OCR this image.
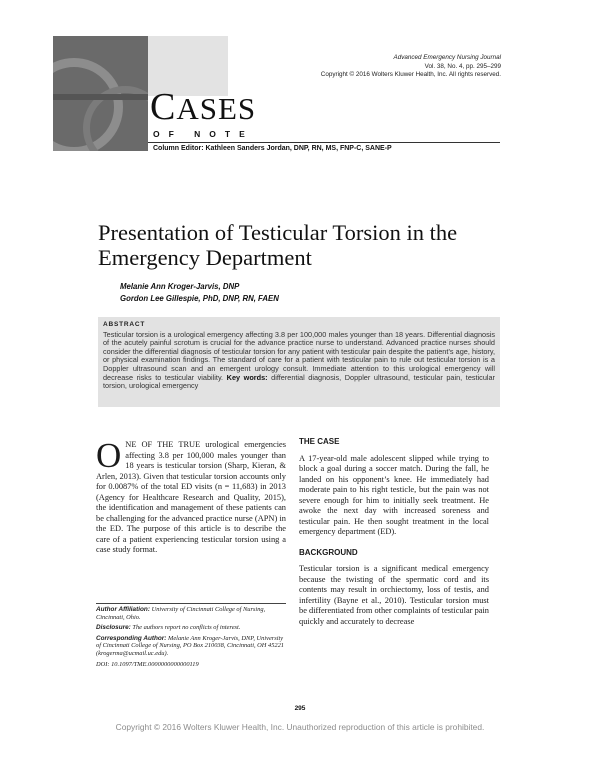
Advanced Emergency Nursing Journal
Vol. 38, No. 4, pp. 295–299
Copyright © 2016 Wolters Kluwer Health, Inc. All rights reserved.
CASES
OF NOTE
Column Editor: Kathleen Sanders Jordan, DNP, RN, MS, FNP-C, SANE-P
Presentation of Testicular Torsion in the Emergency Department
Melanie Ann Kroger-Jarvis, DNP
Gordon Lee Gillespie, PhD, DNP, RN, FAEN
ABSTRACT
Testicular torsion is a urological emergency affecting 3.8 per 100,000 males younger than 18 years. Differential diagnosis of the acutely painful scrotum is crucial for the advance practice nurse to understand. Advanced practice nurses should consider the differential diagnosis of testicular torsion for any patient with testicular pain despite the patient’s age, history, or physical examination findings. The standard of care for a patient with testicular pain to rule out testicular torsion is a Doppler ultrasound scan and an emergent urology consult. Immediate attention to this urological emergency will decrease risks to testicular viability. Key words: differential diagnosis, Doppler ultrasound, testicular pain, testicular torsion, urological emergency
ONE OF THE TRUE urological emergencies affecting 3.8 per 100,000 males younger than 18 years is testicular torsion (Sharp, Kieran, & Arlen, 2013). Given that testicular torsion accounts only for 0.0087% of the total ED visits (n = 11,683) in 2013 (Agency for Healthcare Research and Quality, 2015), the identification and management of these patients can be challenging for the advanced practice nurse (APN) in the ED. The purpose of this article is to describe the care of a patient experiencing testicular torsion using a case study format.

Author Affiliation: University of Cincinnati College of Nursing, Cincinnati, Ohio.

Disclosure: The authors report no conflicts of interest.

Corresponding Author: Melanie Ann Kroger-Jarvis, DNP, University of Cincinnati College of Nursing, PO Box 210038, Cincinnati, OH 45221 (krogerma@ucmail.uc.edu).

DOI: 10.1097/TME.0000000000000119

THE CASE

A 17-year-old male adolescent slipped while trying to block a goal during a soccer match. During the fall, he landed on his opponent’s knee. He immediately had moderate pain to his right testicle, but the pain was not severe enough for him to initially seek treatment. He awoke the next day with increased soreness and testicular pain. He then sought treatment in the local emergency department (ED).

BACKGROUND

Testicular torsion is a significant medical emergency because the twisting of the spermatic cord and its contents may result in orchiectomy, loss of testis, and infertility (Bayne et al., 2010). Testicular torsion must be differentiated from other complaints of testicular pain quickly and accurately to decrease

295
Copyright © 2016 Wolters Kluwer Health, Inc. Unauthorized reproduction of this article is prohibited.
